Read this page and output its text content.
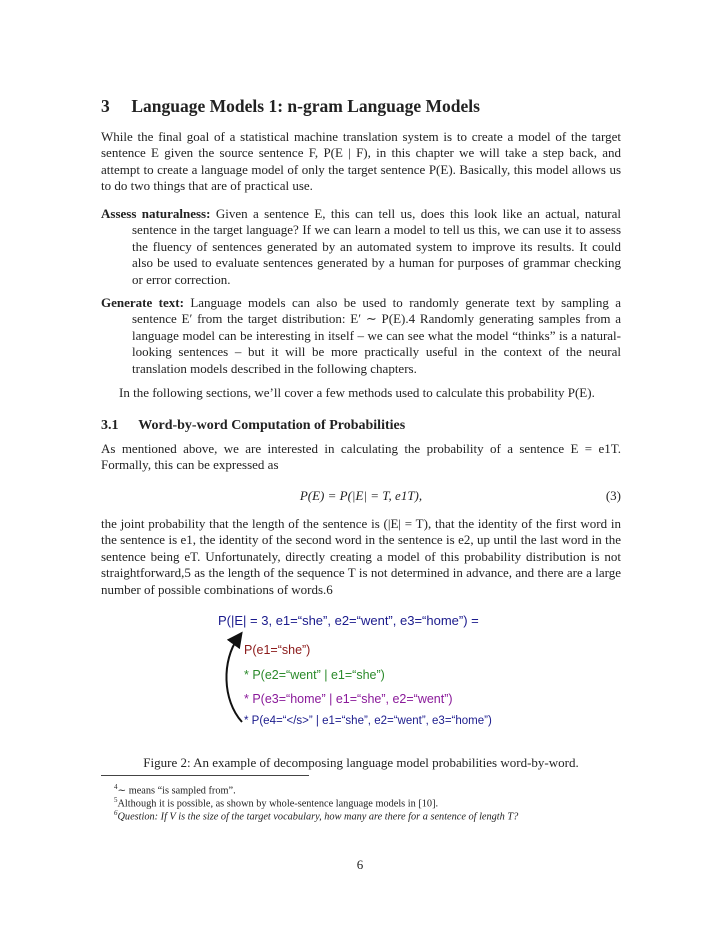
3 Language Models 1: n-gram Language Models
While the final goal of a statistical machine translation system is to create a model of the target sentence E given the source sentence F, P(E | F), in this chapter we will take a step back, and attempt to create a language model of only the target sentence P(E). Basically, this model allows us to do two things that are of practical use.
Assess naturalness: Given a sentence E, this can tell us, does this look like an actual, natural sentence in the target language? If we can learn a model to tell us this, we can use it to assess the fluency of sentences generated by an automated system to improve its results. It could also be used to evaluate sentences generated by a human for purposes of grammar checking or error correction.
Generate text: Language models can also be used to randomly generate text by sampling a sentence E′ from the target distribution: E′ ∼ P(E).4 Randomly generating samples from a language model can be interesting in itself – we can see what the model “thinks” is a natural-looking sentences – but it will be more practically useful in the context of the neural translation models described in the following chapters.
In the following sections, we’ll cover a few methods used to calculate this probability P(E).
3.1 Word-by-word Computation of Probabilities
As mentioned above, we are interested in calculating the probability of a sentence E = e1T. Formally, this can be expressed as
P(E) = P(|E| = T, e1T),	(3)
the joint probability that the length of the sentence is (|E| = T), that the identity of the first word in the sentence is e1, the identity of the second word in the sentence is e2, up until the last word in the sentence being eT. Unfortunately, directly creating a model of this probability distribution is not straightforward,5 as the length of the sequence T is not determined in advance, and there are a large number of possible combinations of words.6
P(|E| = 3, e1=“she”, e2=“went”, e3=“home”) =
P(e1=“she”)
* P(e2=“went” | e1=“she”)
* P(e3=“home” | e1=“she”, e2=“went”)
* P(e4=“</s>” | e1=“she”, e2=“went”, e3=“home”)
Figure 2: An example of decomposing language model probabilities word-by-word.
$^4$∼ means “is sampled from”.
$^5$Although it is possible, as shown by whole-sentence language models in [10].
$^6$Question: If V is the size of the target vocabulary, how many are there for a sentence of length T?
6
